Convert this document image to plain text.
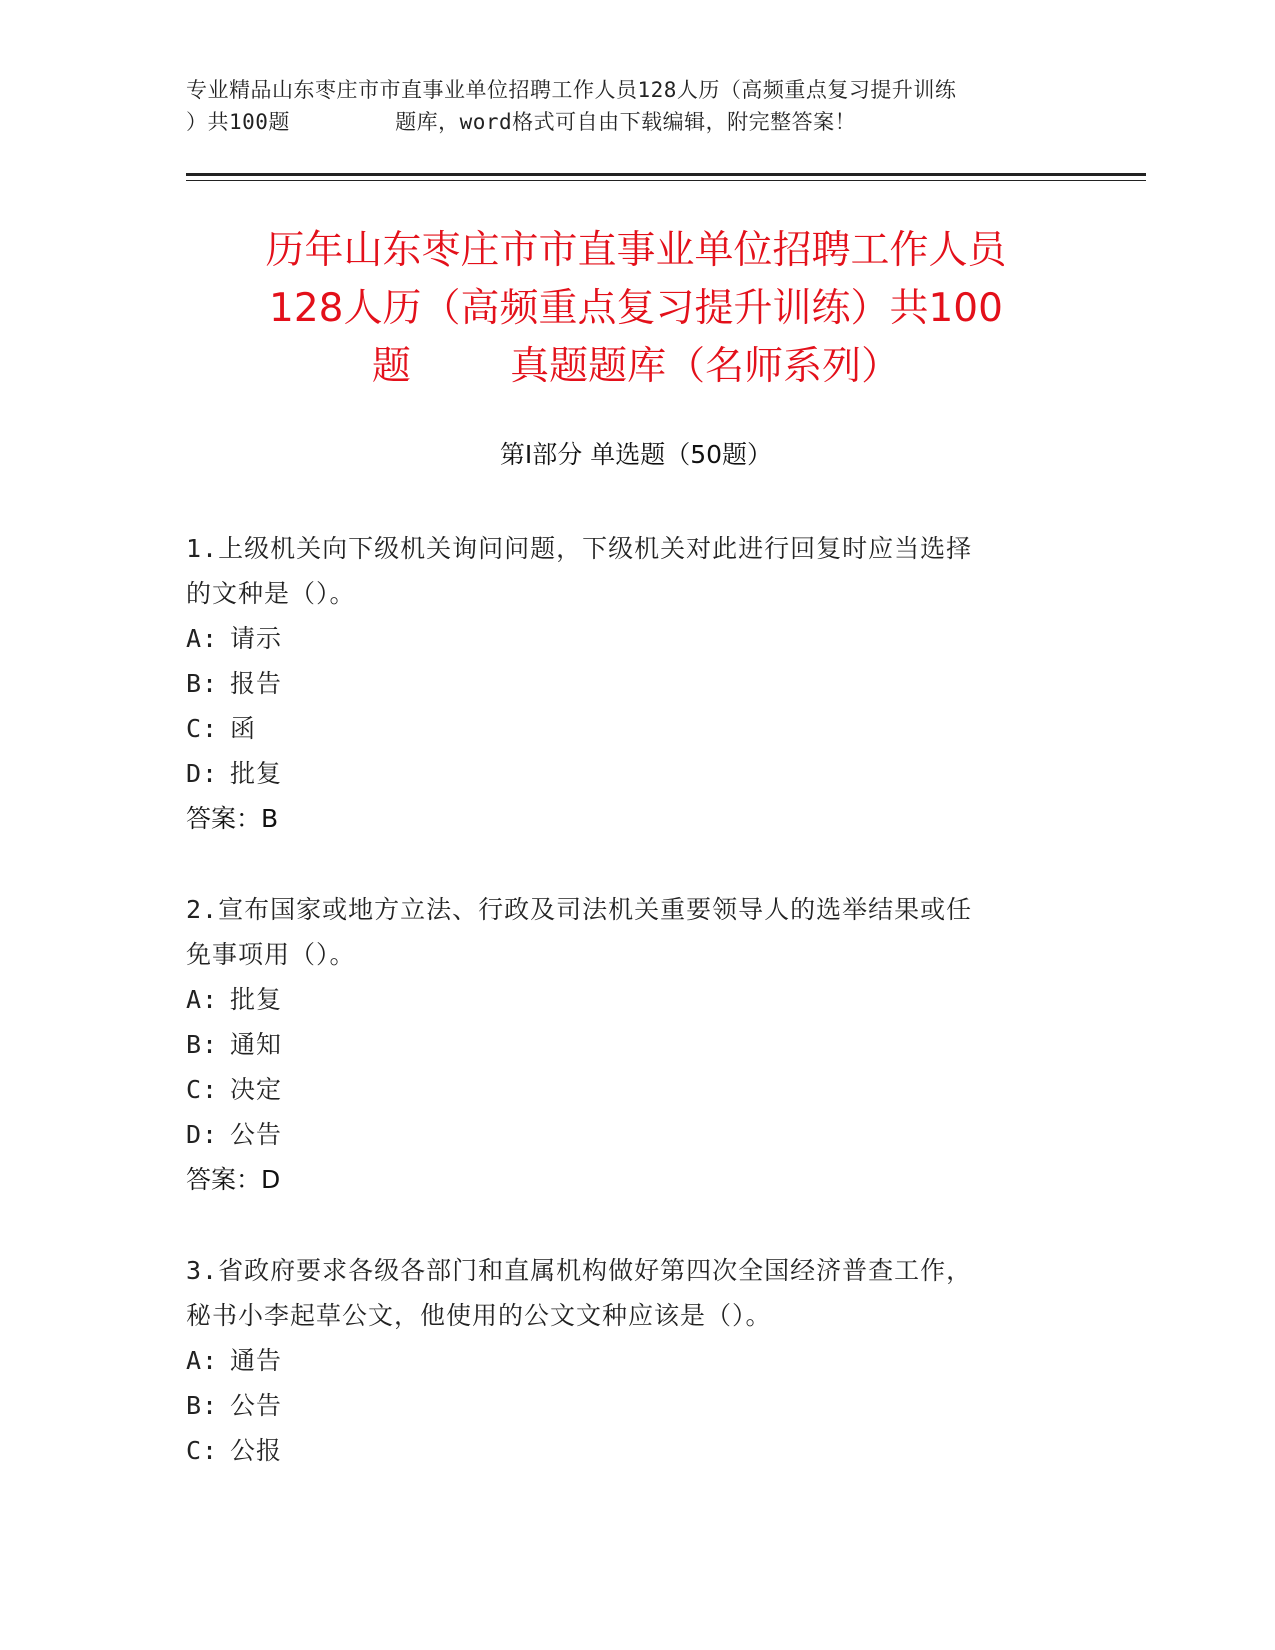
专业精品山东枣庄市市直事业单位招聘工作人员128人历（高频重点复习提升训练
）共100题        题库，word格式可自由下载编辑，附完整答案！
历年山东枣庄市市直事业单位招聘工作人员
128人历（高频重点复习提升训练）共100
题        真题题库（名师系列）
第Ⅰ部分 单选题（50题）
1.上级机关向下级机关询问问题，下级机关对此进行回复时应当选择
的文种是（）。
A: 请示
B: 报告
C: 函
D: 批复
答案：B
2.宣布国家或地方立法、行政及司法机关重要领导人的选举结果或任
免事项用（）。
A: 批复
B: 通知
C: 决定
D: 公告
答案：D
3.省政府要求各级各部门和直属机构做好第四次全国经济普查工作，
秘书小李起草公文，他使用的公文文种应该是（）。
A: 通告
B: 公告
C: 公报
